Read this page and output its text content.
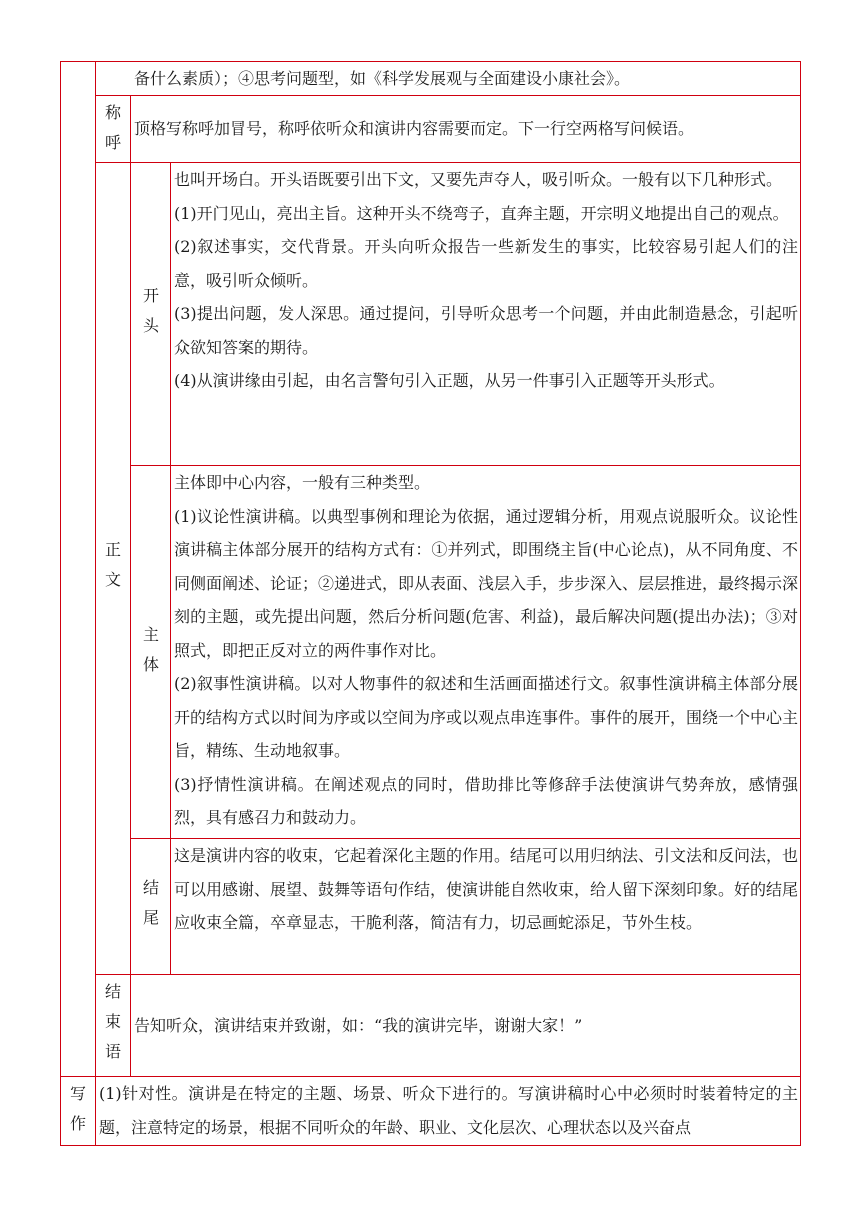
备什么素质）；④思考问题型，如《科学发展观与全面建设小康社会》。
称呼
顶格写称呼加冒号，称呼依听众和演讲内容需要而定。下一行空两格写问候语。
正文
开头

也叫开场白。开头语既要引出下文，又要先声夺人，吸引听众。一般有以下几种形式。

(1)开门见山，亮出主旨。这种开头不绕弯子，直奔主题，开宗明义地提出自己的观点。

(2)叙述事实，交代背景。开头向听众报告一些新发生的事实，比较容易引起人们的注意，吸引听众倾听。

(3)提出问题，发人深思。通过提问，引导听众思考一个问题，并由此制造悬念，引起听众欲知答案的期待。

(4)从演讲缘由引起，由名言警句引入正题，从另一件事引入正题等开头形式。

主体

主体即中心内容，一般有三种类型。

(1)议论性演讲稿。以典型事例和理论为依据，通过逻辑分析，用观点说服听众。议论性演讲稿主体部分展开的结构方式有：①并列式，即围绕主旨(中心论点)，从不同角度、不同侧面阐述、论证；②递进式，即从表面、浅层入手，步步深入、层层推进，最终揭示深刻的主题，或先提出问题，然后分析问题(危害、利益)，最后解决问题(提出办法)；③对照式，即把正反对立的两件事作对比。

(2)叙事性演讲稿。以对人物事件的叙述和生活画面描述行文。叙事性演讲稿主体部分展开的结构方式以时间为序或以空间为序或以观点串连事件。事件的展开，围绕一个中心主旨，精练、生动地叙事。

(3)抒情性演讲稿。在阐述观点的同时，借助排比等修辞手法使演讲气势奔放，感情强烈，具有感召力和鼓动力。

结尾
这是演讲内容的收束，它起着深化主题的作用。结尾可以用归纳法、引文法和反问法，也可以用感谢、展望、鼓舞等语句作结，使演讲能自然收束，给人留下深刻印象。好的结尾应收束全篇，卒章显志，干脆利落，简洁有力，切忌画蛇添足，节外生枝。
结束语
告知听众，演讲结束并致谢，如：“我的演讲完毕，谢谢大家！”
写作
(1)针对性。演讲是在特定的主题、场景、听众下进行的。写演讲稿时心中必须时时装着特定的主题，注意特定的场景，根据不同听众的年龄、职业、文化层次、心理状态以及兴奋点
